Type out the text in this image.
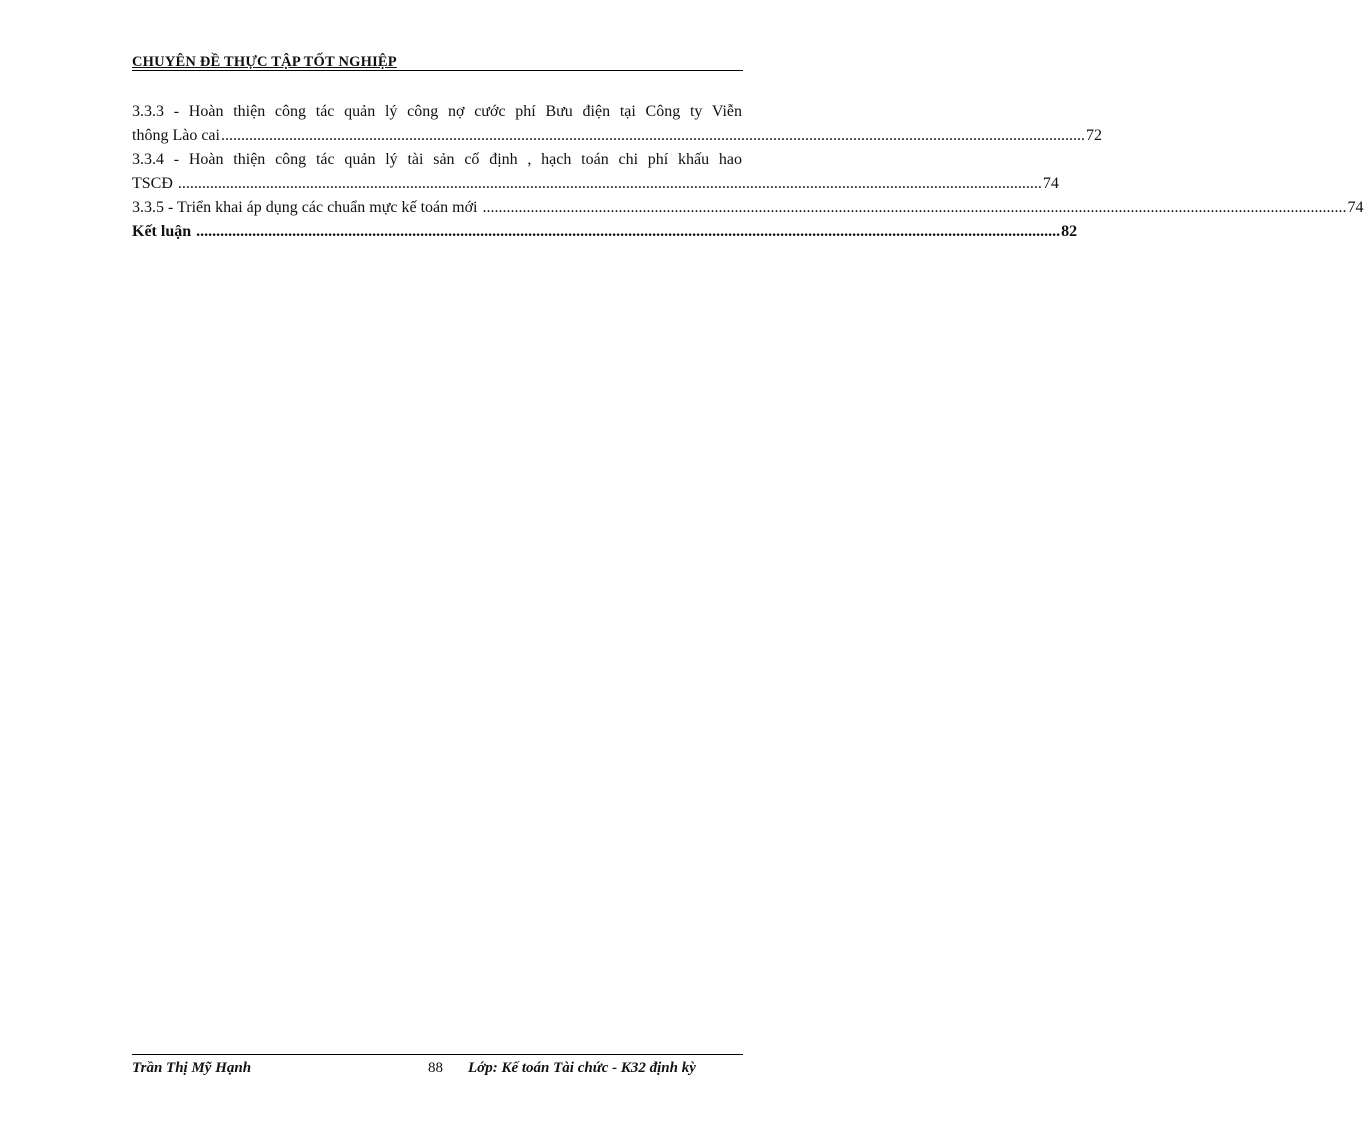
CHUYÊN ĐỀ THỰC TẬP TỐT NGHIỆP
3.3.3 - Hoàn thiện công tác quản lý công nợ cước phí Bưu điện tại Công ty Viễn
thông Lào cai ........................................................................................................................................................................................................................ 72
3.3.4 - Hoàn thiện công tác quản lý tài sản cố định , hạch toán chi phí khấu hao
TSCĐ ........................................................................................................................................................................................................................ 74
3.3.5 - Triển khai áp dụng các chuẩn mực kế toán mới ........................................................................................................................................................................................................................ 74
Kết luận ........................................................................................................................................................................................................................ 82
Trần Thị Mỹ Hạnh	88 Lớp: Kế toán Tài chức - K32 định kỳ
